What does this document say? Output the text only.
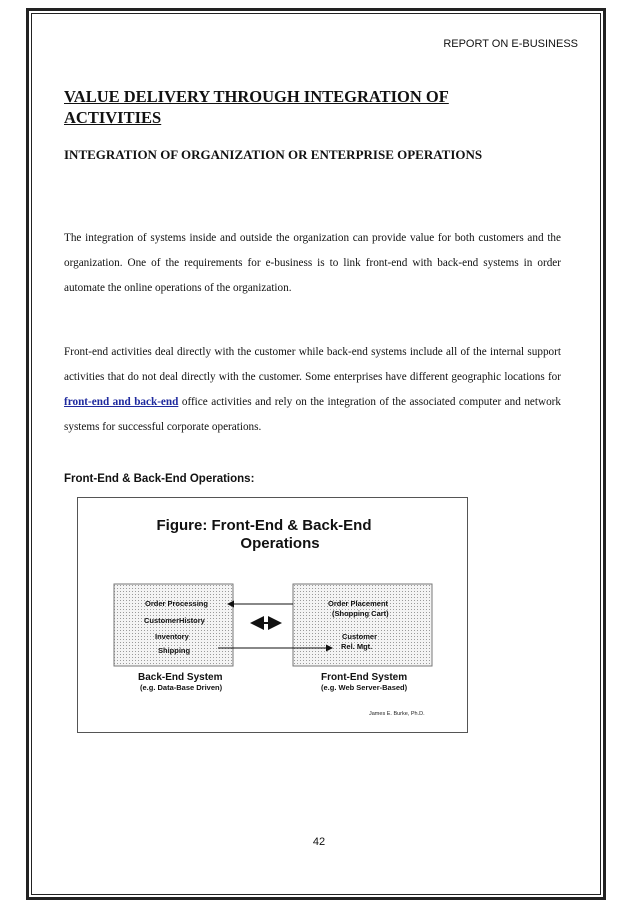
REPORT ON E-BUSINESS
VALUE DELIVERY THROUGH INTEGRATION OF ACTIVITIES
INTEGRATION OF ORGANIZATION OR ENTERPRISE OPERATIONS
The integration of systems inside and outside the organization can provide value for both customers and the organization. One of the requirements for e-business is to link front-end with back-end systems in order automate the online operations of the organization.
Front-end activities deal directly with the customer while back-end systems include all of the internal support activities that do not deal directly with the customer. Some enterprises have different geographic locations for front-end and back-end office activities and rely on the integration of the associated computer and network systems for successful corporate operations.
Front-End & Back-End Operations:
Figure: Front-End & Back-End
Operations
Order Processing
CustomerHistory
Inventory
Shipping
Order Placement
(Shopping Cart)
Customer
Rel. Mgt.
Back-End System
(e.g. Data-Base Driven)
Front-End System
(e.g. Web Server-Based)
James E. Burke, Ph.D.
42
